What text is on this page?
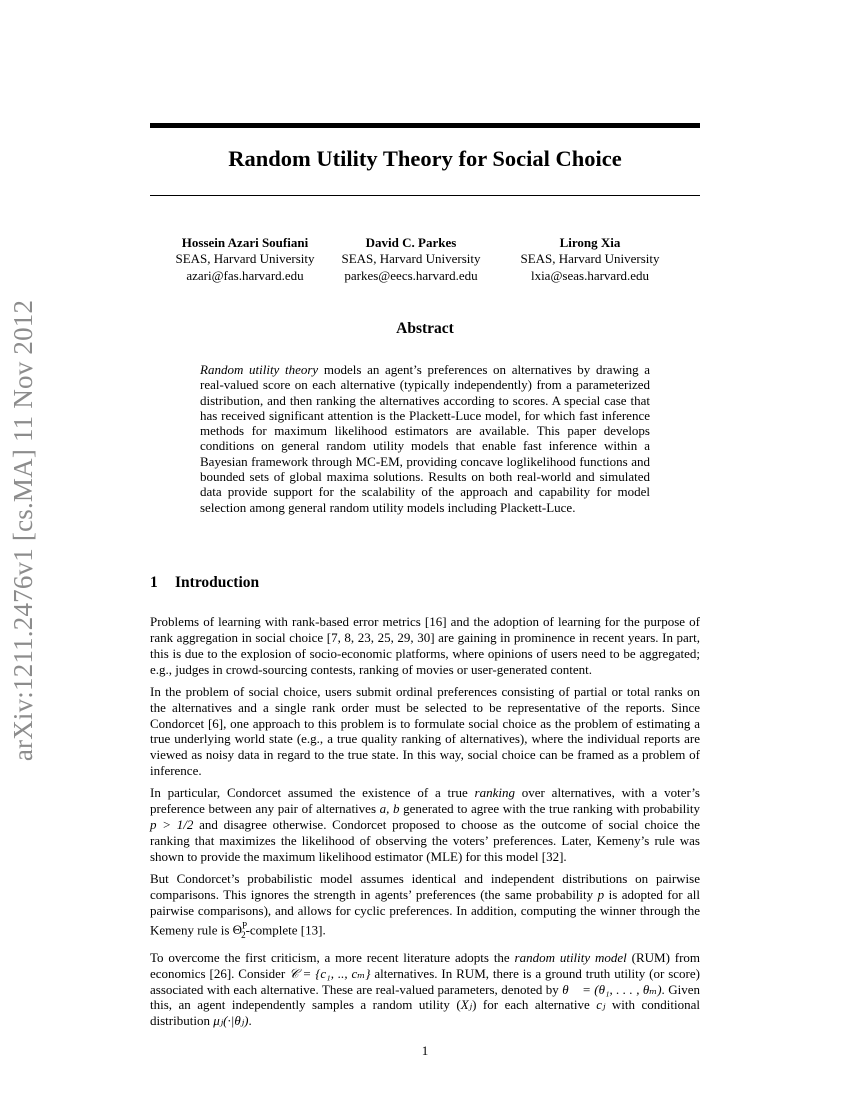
arXiv:1211.2476v1 [cs.MA] 11 Nov 2012
Random Utility Theory for Social Choice
Hossein Azari Soufiani
SEAS, Harvard University
azari@fas.harvard.edu
David C. Parkes
SEAS, Harvard University
parkes@eecs.harvard.edu
Lirong Xia
SEAS, Harvard University
lxia@seas.harvard.edu
Abstract

Random utility theory models an agent’s preferences on alternatives by drawing a real-valued score on each alternative (typically independently) from a parameterized distribution, and then ranking the alternatives according to scores. A special case that has received significant attention is the Plackett-Luce model, for which fast inference methods for maximum likelihood estimators are available. This paper develops conditions on general random utility models that enable fast inference within a Bayesian framework through MC-EM, providing concave loglikelihood functions and bounded sets of global maxima solutions. Results on both real-world and simulated data provide support for the scalability of the approach and capability for model selection among general random utility models including Plackett-Luce.

1 Introduction

Problems of learning with rank-based error metrics [16] and the adoption of learning for the purpose of rank aggregation in social choice [7, 8, 23, 25, 29, 30] are gaining in prominence in recent years. In part, this is due to the explosion of socio-economic platforms, where opinions of users need to be aggregated; e.g., judges in crowd-sourcing contests, ranking of movies or user-generated content.

In the problem of social choice, users submit ordinal preferences consisting of partial or total ranks on the alternatives and a single rank order must be selected to be representative of the reports. Since Condorcet [6], one approach to this problem is to formulate social choice as the problem of estimating a true underlying world state (e.g., a true quality ranking of alternatives), where the individual reports are viewed as noisy data in regard to the true state. In this way, social choice can be framed as a problem of inference.

In particular, Condorcet assumed the existence of a true ranking over alternatives, with a voter’s preference between any pair of alternatives a, b generated to agree with the true ranking with probability p > 1/2 and disagree otherwise. Condorcet proposed to choose as the outcome of social choice the ranking that maximizes the likelihood of observing the voters’ preferences. Later, Kemeny’s rule was shown to provide the maximum likelihood estimator (MLE) for this model [32].

But Condorcet’s probabilistic model assumes identical and independent distributions on pairwise comparisons. This ignores the strength in agents’ preferences (the same probability p is adopted for all pairwise comparisons), and allows for cyclic preferences. In addition, computing the winner through the Kemeny rule is $\Theta^P_2$-complete [13].

To overcome the first criticism, a more recent literature adopts the random utility model (RUM) from economics [26]. Consider 𝒞 = {c₁, .., cₘ} alternatives. In RUM, there is a ground truth utility (or score) associated with each alternative. These are real-valued parameters, denoted by θ⃗ = (θ₁, . . . , θₘ). Given this, an agent independently samples a random utility (Xⱼ) for each alternative cⱼ with conditional distribution μⱼ(·|θⱼ).

1
